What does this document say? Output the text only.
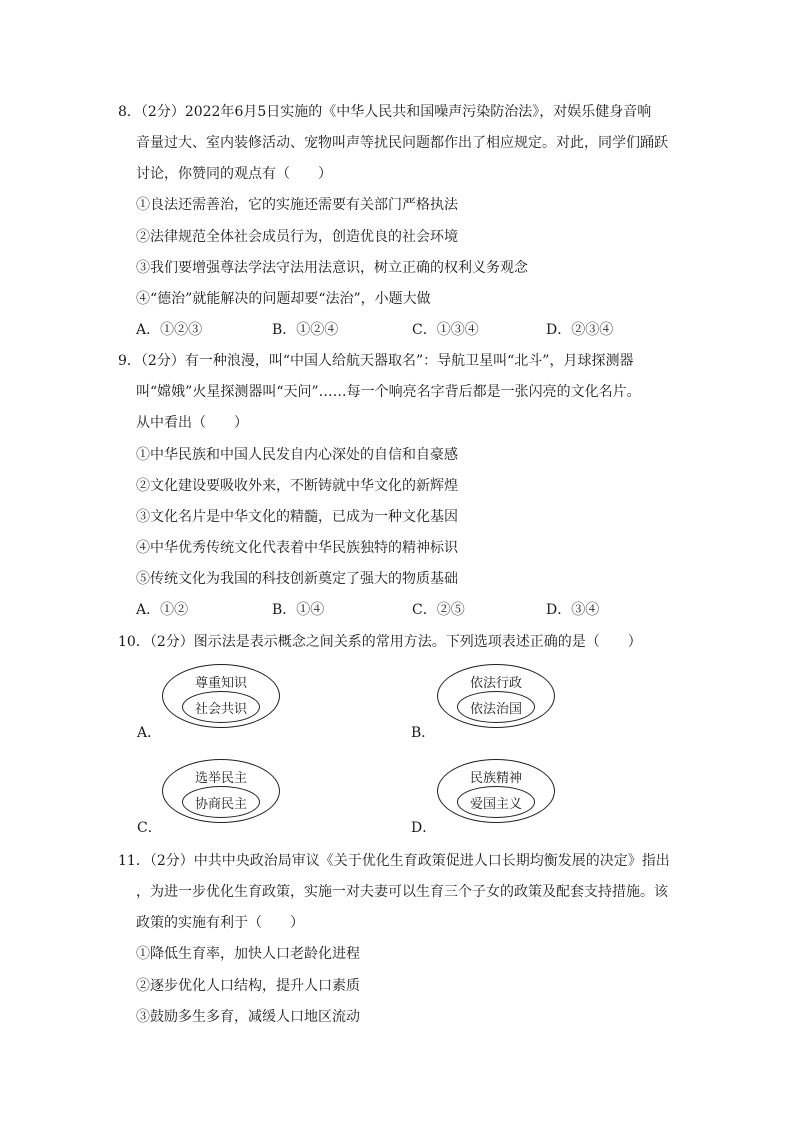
8．（2分）2022年6月5日实施的《中华人民共和国噪声污染防治法》，对娱乐健身音响
音量过大、室内装修活动、宠物叫声等扰民问题都作出了相应规定。对此，同学们踊跃
讨论，你赞同的观点有（　　）
①良法还需善治，它的实施还需要有关部门严格执法
②法律规范全体社会成员行为，创造优良的社会环境
③我们要增强尊法学法守法用法意识，树立正确的权利义务观念
④“德治”就能解决的问题却要“法治”，小题大做
A．①②③	B．①②④	C．①③④	D．②③④
9．（2分）有一种浪漫，叫“中国人给航天器取名”：导航卫星叫“北斗”，月球探测器
叫“嫦娥”火星探测器叫“天问”……每一个响亮名字背后都是一张闪亮的文化名片。
从中看出（　　）
①中华民族和中国人民发自内心深处的自信和自豪感
②文化建设要吸收外来，不断铸就中华文化的新辉煌
③文化名片是中华文化的精髓，已成为一种文化基因
④中华优秀传统文化代表着中华民族独特的精神标识
⑤传统文化为我国的科技创新奠定了强大的物质基础
A．①②	B．①④	C．②⑤	D．③④
10．（2分）图示法是表示概念之间关系的常用方法。下列选项表述正确的是（　　）
A．
尊重知识
社会共识
B．
依法行政
依法治国
C．
选举民主
协商民主
D．
民族精神
爱国主义
11．（2分）中共中央政治局审议《关于优化生育政策促进人口长期均衡发展的决定》指出
，为进一步优化生育政策，实施一对夫妻可以生育三个子女的政策及配套支持措施。该
政策的实施有利于（　　）
①降低生育率，加快人口老龄化进程
②逐步优化人口结构，提升人口素质
③鼓励多生多育，减缓人口地区流动
